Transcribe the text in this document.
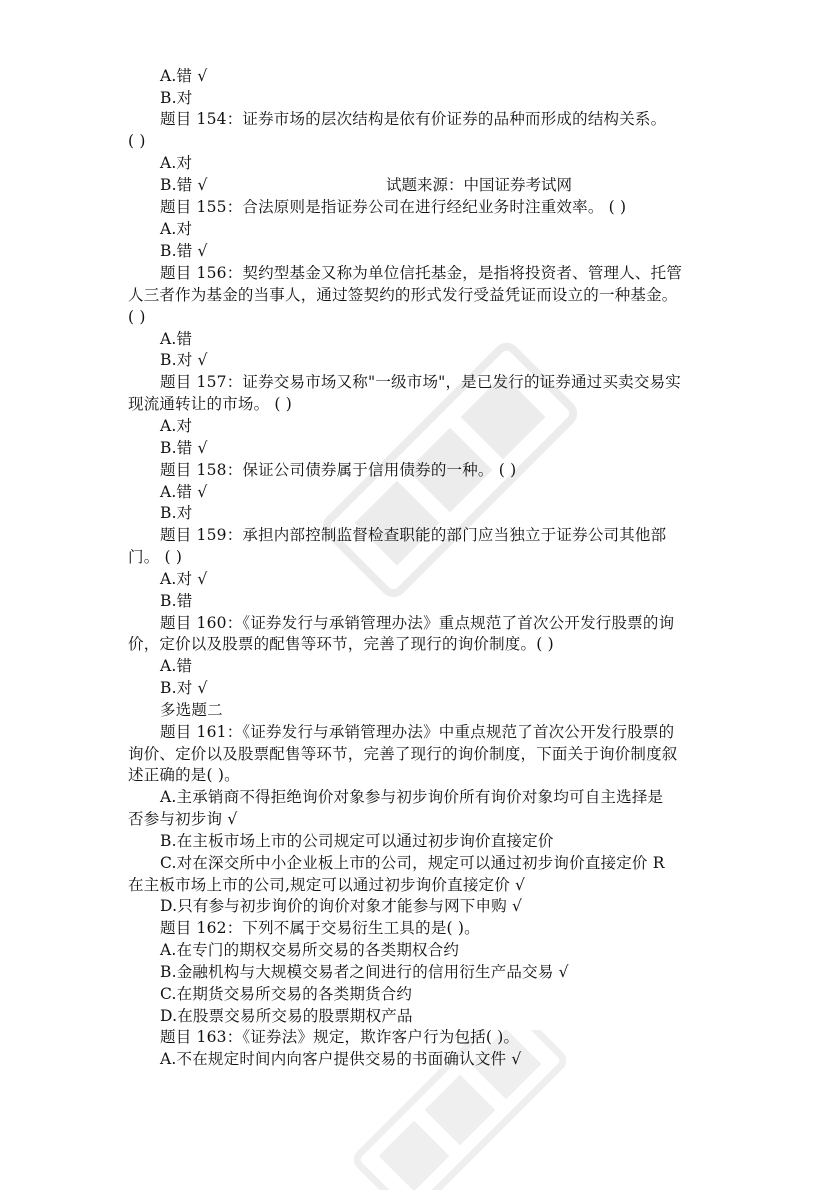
A.错 √
B.对
题目 154：证券市场的层次结构是依有价证券的品种而形成的结构关系。
( )
A.对
B.错 √	试题来源：中国证券考试网
题目 155：合法原则是指证券公司在进行经纪业务时注重效率。 ( )
A.对
B.错 √
题目 156：契约型基金又称为单位信托基金，是指将投资者、管理人、托管
人三者作为基金的当事人，通过签契约的形式发行受益凭证而设立的一种基金。
( )
A.错
B.对 √
题目 157：证券交易市场又称"一级市场"，是已发行的证券通过买卖交易实
现流通转让的市场。 ( )
A.对
B.错 √
题目 158：保证公司债券属于信用债券的一种。 ( )
A.错 √
B.对
题目 159：承担内部控制监督检查职能的部门应当独立于证券公司其他部
门。 ( )
A.对 √
B.错
题目 160：《证券发行与承销管理办法》重点规范了首次公开发行股票的询
价，定价以及股票的配售等环节，完善了现行的询价制度。( )
A.错
B.对 √
多选题二
题目 161：《证券发行与承销管理办法》中重点规范了首次公开发行股票的
询价、定价以及股票配售等环节，完善了现行的询价制度，下面关于询价制度叙
述正确的是( )。
A.主承销商不得拒绝询价对象参与初步询价所有询价对象均可自主选择是
否参与初步询 √
B.在主板市场上市的公司规定可以通过初步询价直接定价
C.对在深交所中小企业板上市的公司，规定可以通过初步询价直接定价 R
在主板市场上市的公司,规定可以通过初步询价直接定价 √
D.只有参与初步询价的询价对象才能参与网下申购 √
题目 162：下列不属于交易衍生工具的是( )。
A.在专门的期权交易所交易的各类期权合约
B.金融机构与大规模交易者之间进行的信用衍生产品交易 √
C.在期货交易所交易的各类期货合约
D.在股票交易所交易的股票期权产品
题目 163：《证券法》规定，欺诈客户行为包括( )。
A.不在规定时间内向客户提供交易的书面确认文件 √
